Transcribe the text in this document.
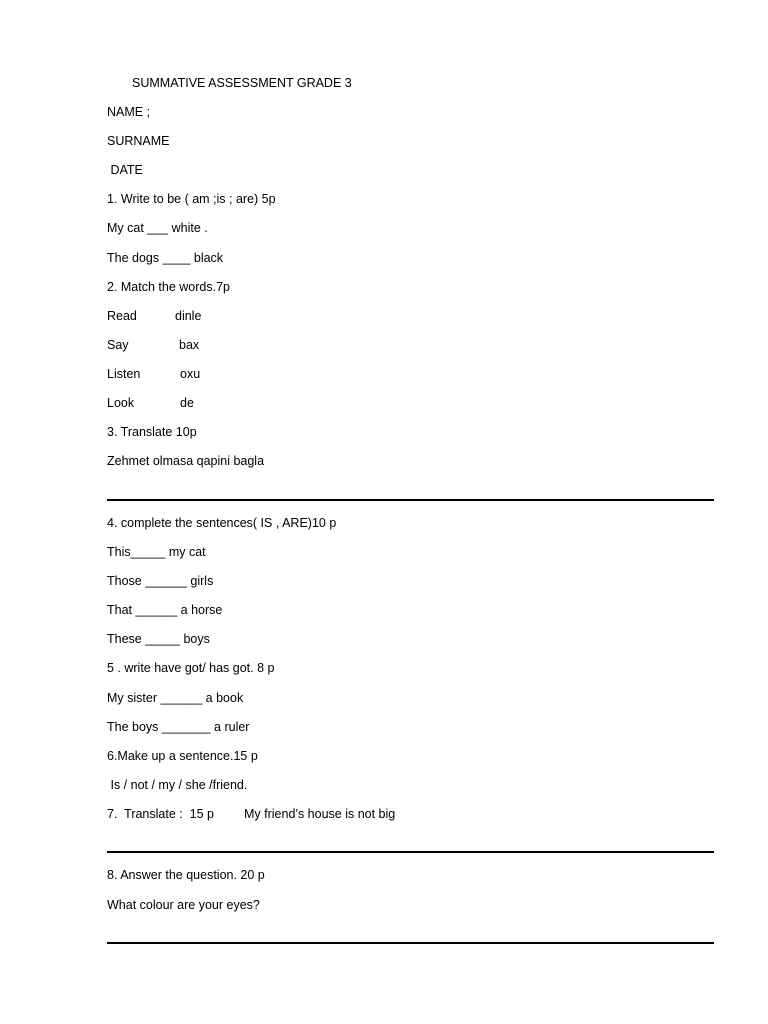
SUMMATIVE ASSESSMENT GRADE 3
NAME ;
SURNAME
DATE
1. Write to be ( am ;is ; are) 5p
My cat ___ white .
The dogs ____ black
2. Match the words.7p
Read	dinle
Say	bax
Listen	oxu
Look	de
3. Translate 10p
Zehmet olmasa qapini bagla
4. complete the sentences( IS , ARE)10 p
This_____ my cat
Those ______ girls
That ______ a horse
These _____ boys
5 . write have got/ has got. 8 p
My sister ______ a book
The boys _______ a ruler
6.Make up a sentence.15 p
Is / not / my / she /friend.
7.  Translate :  15 p My friend’s house is not big
8. Answer the question. 20 p
What colour are your eyes?
